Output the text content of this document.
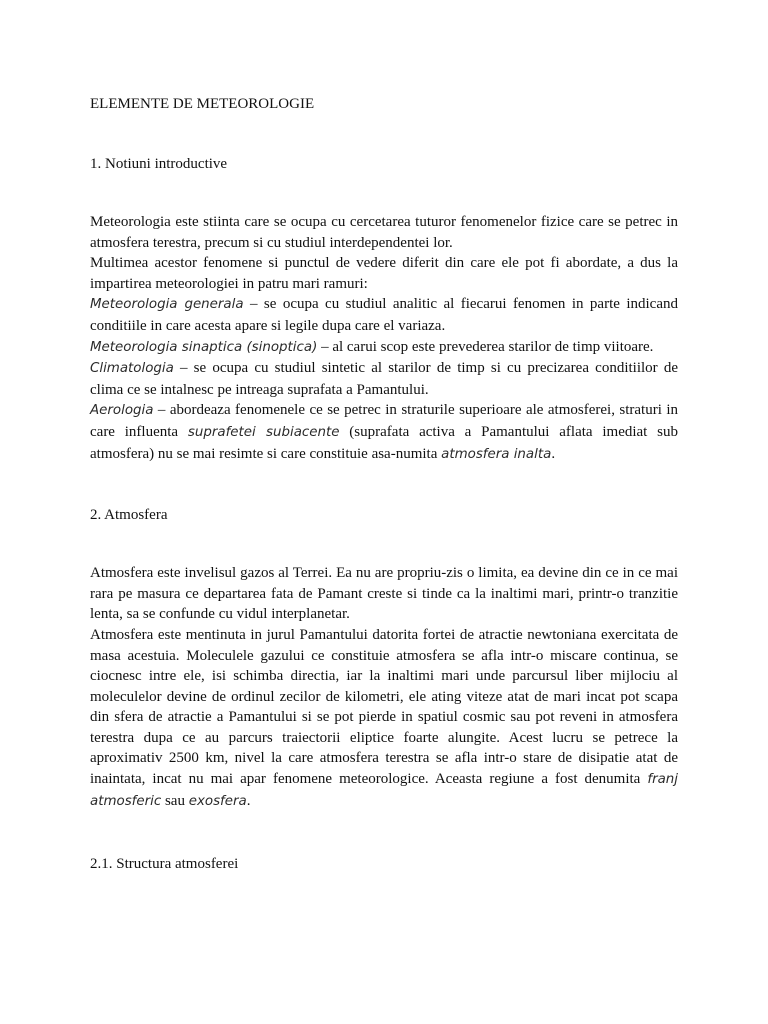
ELEMENTE DE METEOROLOGIE

1. Notiuni introductive

Meteorologia este stiinta care se ocupa cu cercetarea tuturor fenomenelor fizice care se petrec in atmosfera terestra, precum si cu studiul interdependentei lor.

Multimea acestor fenomene si punctul de vedere diferit din care ele pot fi abordate, a dus la impartirea meteorologiei in patru mari ramuri:

Meteorologia generala – se ocupa cu studiul analitic al fiecarui fenomen in parte indicand conditiile in care acesta apare si legile dupa care el variaza.

Meteorologia sinaptica (sinoptica) – al carui scop este prevederea starilor de timp viitoare.

Climatologia – se ocupa cu studiul sintetic al starilor de timp si cu precizarea conditiilor de clima ce se intalnesc pe intreaga suprafata a Pamantului.

Aerologia – abordeaza fenomenele ce se petrec in straturile superioare ale atmosferei, straturi in care influenta suprafetei subiacente (suprafata activa a Pamantului aflata imediat sub atmosfera) nu se mai resimte si care constituie asa-numita atmosfera inalta.

2. Atmosfera

Atmosfera este invelisul gazos al Terrei. Ea nu are propriu-zis o limita, ea devine din ce in ce mai rara pe masura ce departarea fata de Pamant creste si tinde ca la inaltimi mari, printr-o tranzitie lenta, sa se confunde cu vidul interplanetar.

Atmosfera este mentinuta in jurul Pamantului datorita fortei de atractie newtoniana exercitata de masa acestuia. Moleculele gazului ce constituie atmosfera se afla intr-o miscare continua, se ciocnesc intre ele, isi schimba directia, iar la inaltimi mari unde parcursul liber mijlociu al moleculelor devine de ordinul zecilor de kilometri, ele ating viteze atat de mari incat pot scapa din sfera de atractie a Pamantului si se pot pierde in spatiul cosmic sau pot reveni in atmosfera terestra dupa ce au parcurs traiectorii eliptice foarte alungite. Acest lucru se petrece la aproximativ 2500 km, nivel la care atmosfera terestra se afla intr-o stare de disipatie atat de inaintata, incat nu mai apar fenomene meteorologice. Aceasta regiune a fost denumita franj atmosferic sau exosfera.

2.1. Structura atmosferei
